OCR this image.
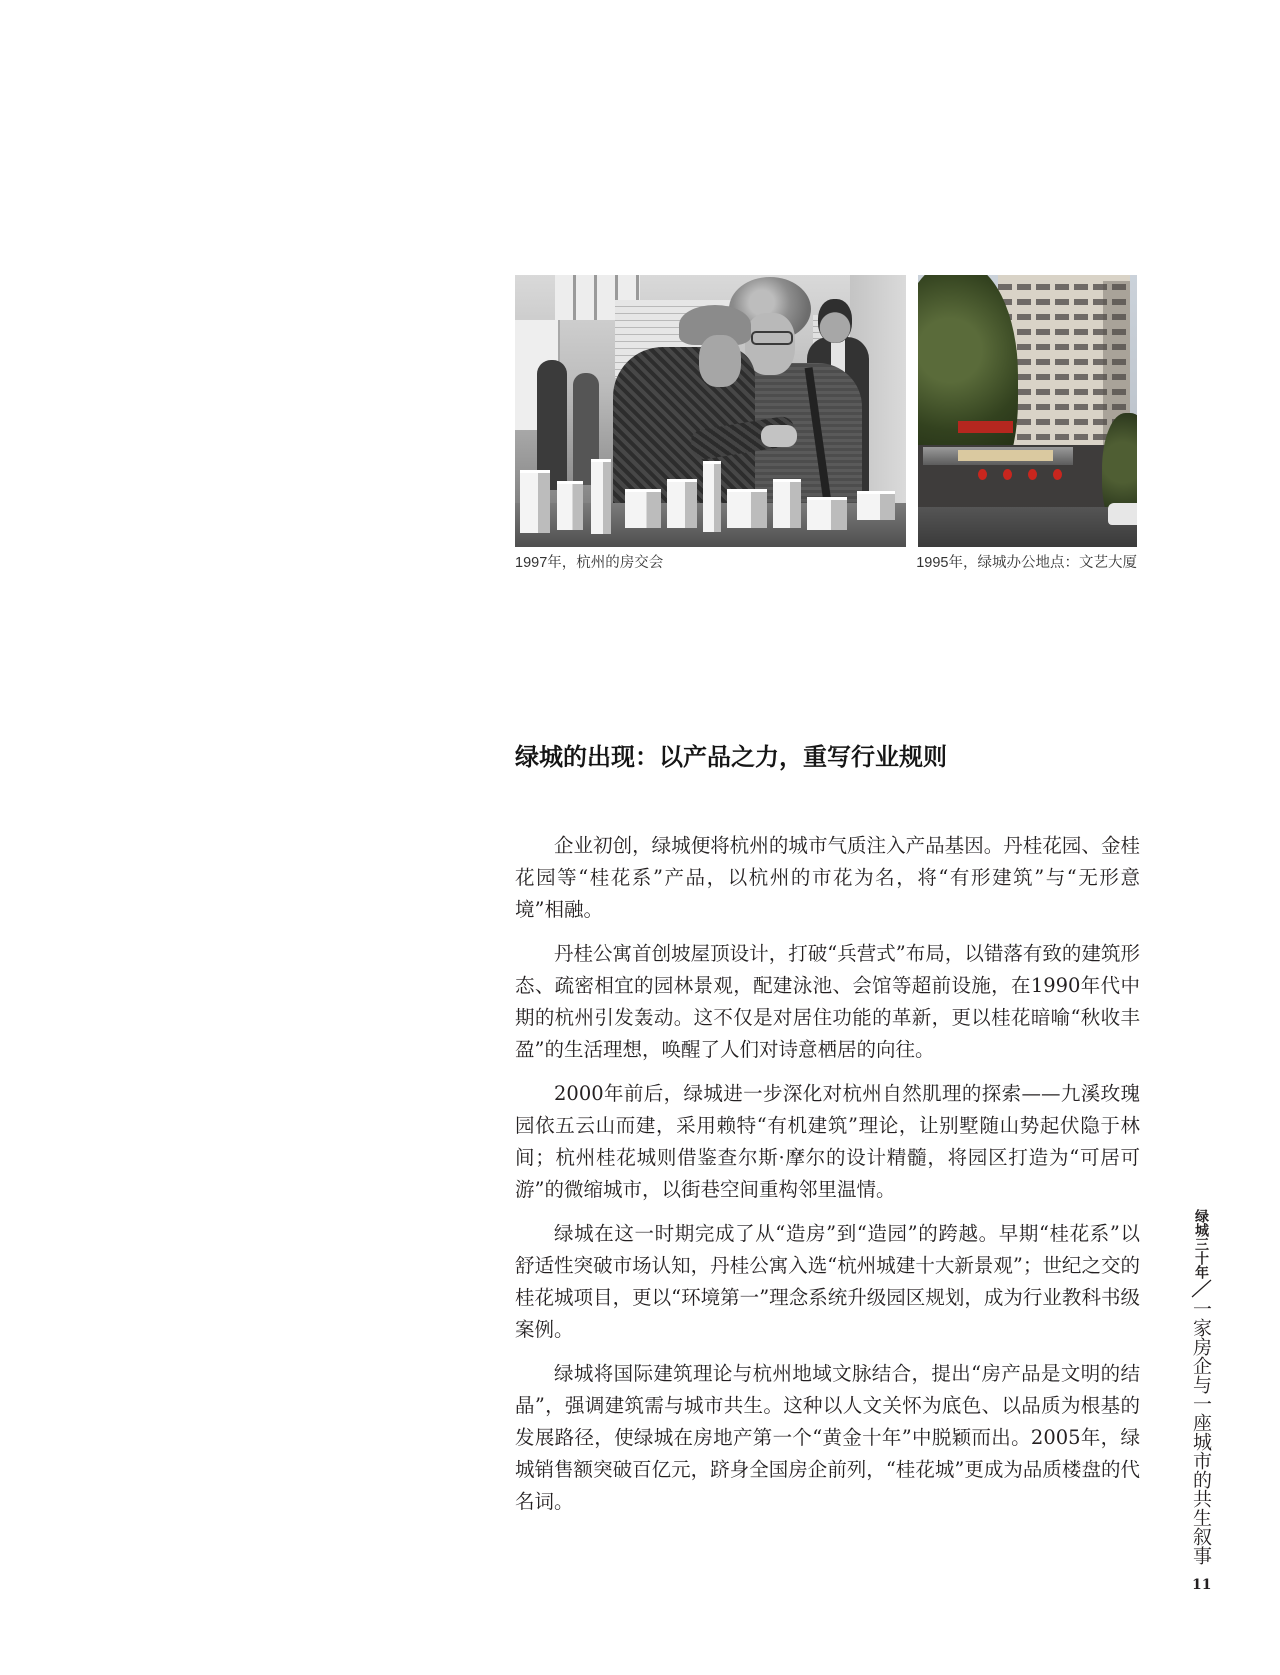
1997年，杭州的房交会	1995年，绿城办公地点：文艺大厦

绿城的出现：以产品之力，重写行业规则

企业初创，绿城便将杭州的城市气质注入产品基因。丹桂花园、金桂花园等“桂花系”产品，以杭州的市花为名，将“有形建筑”与“无形意境”相融。

丹桂公寓首创坡屋顶设计，打破“兵营式”布局，以错落有致的建筑形态、疏密相宜的园林景观，配建泳池、会馆等超前设施，在1990年代中期的杭州引发轰动。这不仅是对居住功能的革新，更以桂花暗喻“秋收丰盈”的生活理想，唤醒了人们对诗意栖居的向往。

2000年前后，绿城进一步深化对杭州自然肌理的探索——九溪玫瑰园依五云山而建，采用赖特“有机建筑”理论，让别墅随山势起伏隐于林间；杭州桂花城则借鉴查尔斯·摩尔的设计精髓，将园区打造为“可居可游”的微缩城市，以街巷空间重构邻里温情。

绿城在这一时期完成了从“造房”到“造园”的跨越。早期“桂花系”以舒适性突破市场认知，丹桂公寓入选“杭州城建十大新景观”；世纪之交的桂花城项目，更以“环境第一”理念系统升级园区规划，成为行业教科书级案例。

绿城将国际建筑理论与杭州地域文脉结合，提出“房产品是文明的结晶”，强调建筑需与城市共生。这种以人文关怀为底色、以品质为根基的发展路径，使绿城在房地产第一个“黄金十年”中脱颖而出。2005年，绿城销售额突破百亿元，跻身全国房企前列，“桂花城”更成为品质楼盘的代名词。

绿城三十年

一家房企与一座城市的共生叙事

11
